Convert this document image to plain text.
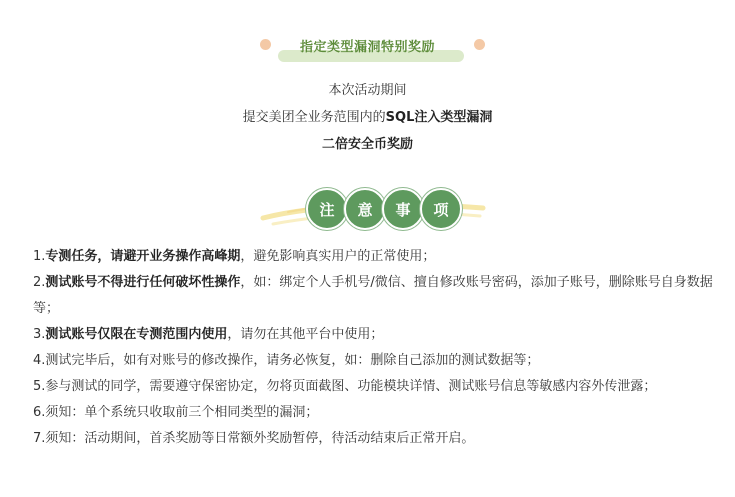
指定类型漏洞特别奖励
本次活动期间
提交美团全业务范围内的SQL注入类型漏洞
二倍安全币奖励
注	意	事	项

1.专测任务，请避开业务操作高峰期，避免影响真实用户的正常使用；

2.测试账号不得进行任何破坏性操作，如：绑定个人手机号/微信、擅自修改账号密码，添加子账号，删除账号自身数据等；

3.测试账号仅限在专测范围内使用，请勿在其他平台中使用；

4.测试完毕后，如有对账号的修改操作，请务必恢复，如：删除自己添加的测试数据等；

5.参与测试的同学，需要遵守保密协定，勿将页面截图、功能模块详情、测试账号信息等敏感内容外传泄露；

6.须知：单个系统只收取前三个相同类型的漏洞；

7.须知：活动期间，首杀奖励等日常额外奖励暂停，待活动结束后正常开启。
